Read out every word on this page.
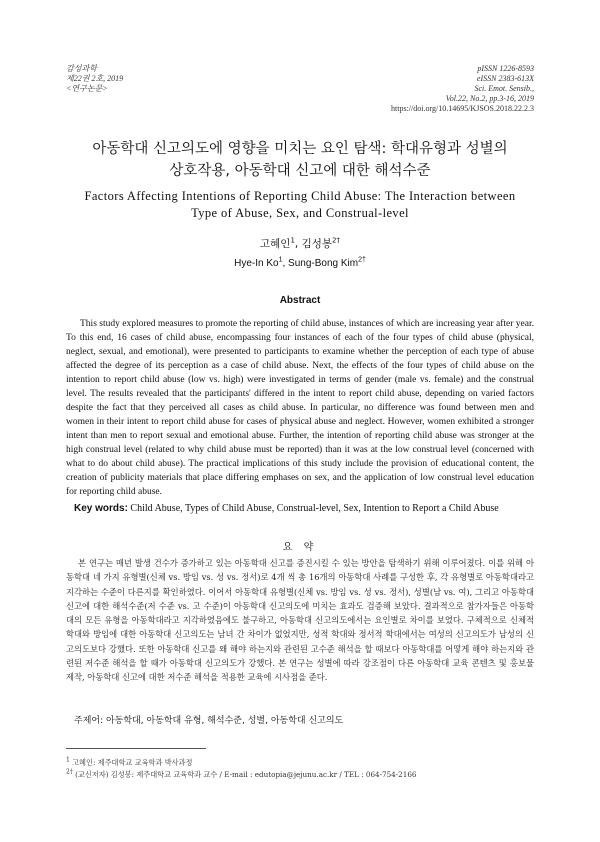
감성과학
제22권 2호, 2019
<연구논문>
pISSN 1226-8593
eISSN 2383-613X
Sci. Emot. Sensib.,
Vol.22, No.2, pp.3-16, 2019
https://doi.org/10.14695/KJSOS.2018.22.2.3
아동학대 신고의도에 영향을 미치는 요인 탐색: 학대유형과 성별의
상호작용, 아동학대 신고에 대한 해석수준
Factors Affecting Intentions of Reporting Child Abuse: The Interaction between
Type of Abuse, Sex, and Construal-level
고혜인$^1$, 김성봉$^{2\dagger}$
Hye-In Ko$^1$, Sung-Bong Kim$^{2\dagger}$
Abstract
This study explored measures to promote the reporting of child abuse, instances of which are increasing year after year. To this end, 16 cases of child abuse, encompassing four instances of each of the four types of child abuse (physical, neglect, sexual, and emotional), were presented to participants to examine whether the perception of each type of abuse affected the degree of its perception as a case of child abuse. Next, the effects of the four types of child abuse on the intention to report child abuse (low vs. high) were investigated in terms of gender (male vs. female) and the construal level. The results revealed that the participants' differed in the intent to report child abuse, depending on varied factors despite the fact that they perceived all cases as child abuse. In particular, no difference was found between men and women in their intent to report child abuse for cases of physical abuse and neglect. However, women exhibited a stronger intent than men to report sexual and emotional abuse. Further, the intention of reporting child abuse was stronger at the high construal level (related to why child abuse must be reported) than it was at the low construal level (concerned with what to do about child abuse). The practical implications of this study include the provision of educational content, the creation of publicity materials that place differing emphases on sex, and the application of low construal level education for reporting child abuse.
Key words: Child Abuse, Types of Child Abuse, Construal-level, Sex, Intention to Report a Child Abuse
요 약
본 연구는 매년 발생 건수가 증가하고 있는 아동학대 신고를 증진시킬 수 있는 방안을 탐색하기 위해 이루어졌다. 이를 위해 아동학대 네 가지 유형별(신체 vs. 방임 vs. 성 vs. 정서)로 4개 씩 총 16개의 아동학대 사례를 구성한 후, 각 유형별로 아동학대라고 지각하는 수준이 다른지를 확인하였다. 이어서 아동학대 유형별(신체 vs. 방임 vs. 성 vs. 정서), 성별(남 vs. 여), 그리고 아동학대 신고에 대한 해석수준(저 수준 vs. 고 수준)이 아동학대 신고의도에 미치는 효과도 검증해 보았다. 결과적으로 참가자들은 아동학대의 모든 유형을 아동학대라고 지각하였음에도 불구하고, 아동학대 신고의도에서는 요인별로 차이를 보였다. 구체적으로 신체적 학대와 방임에 대한 아동학대 신고의도는 남녀 간 차이가 없었지만, 성적 학대와 정서적 학대에서는 여성의 신고의도가 남성의 신고의도보다 강했다. 또한 아동학대 신고를 왜 해야 하는지와 관련된 고수준 해석을 할 때보다 아동학대를 어떻게 해야 하는지와 관련된 저수준 해석을 할 때가 아동학대 신고의도가 강했다. 본 연구는 성별에 따라 강조점이 다른 아동학대 교육 콘텐츠 및 홍보물 제작, 아동학대 신고에 대한 저수준 해석을 적용한 교육에 시사점을 준다.
주제어: 아동학대, 아동학대 유형, 해석수준, 성별, 아동학대 신고의도
$^1$ 고혜인: 제주대학교 교육학과 박사과정
$^{2\dagger}$ (교신저자) 김성봉: 제주대학교 교육학과 교수 / E-mail : edutopia@jejunu.ac.kr / TEL : 064-754-2166
